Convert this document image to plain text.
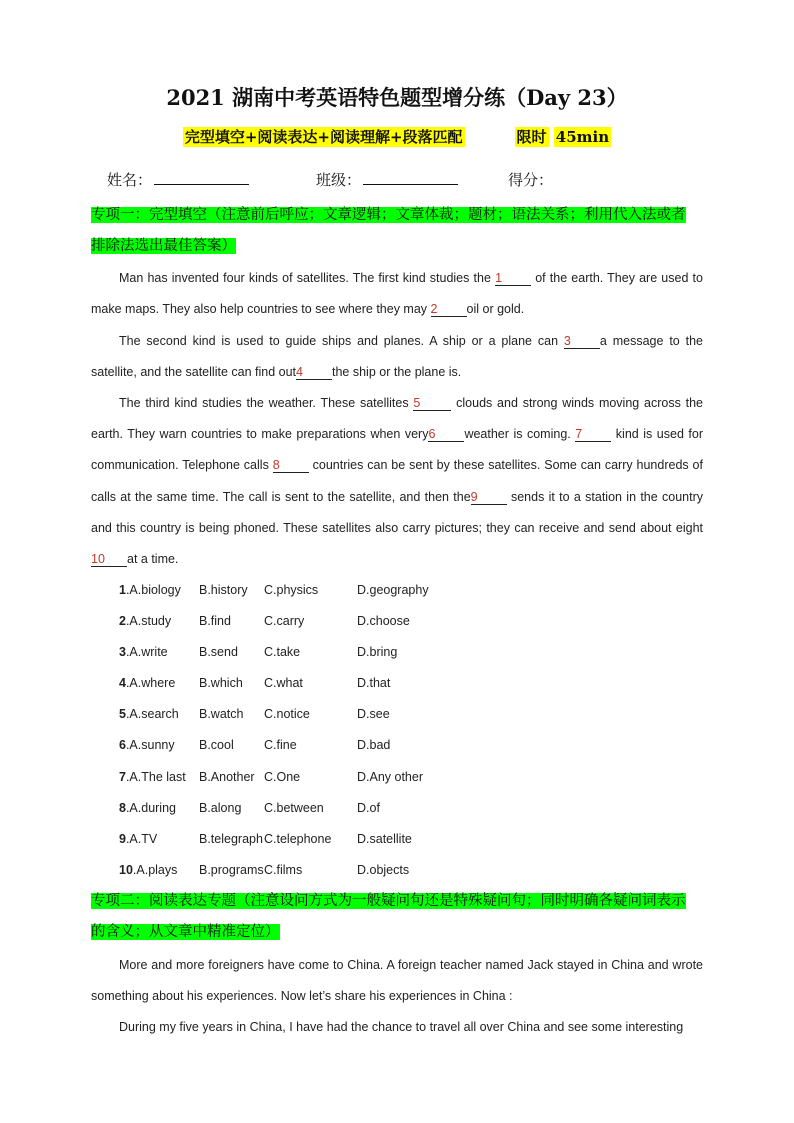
2021 湖南中考英语特色题型增分练（Day 23）
完型填空+阅读表达+阅读理解+段落匹配	限时 45min
姓名：	班级：	得分：
专项一：完型填空（注意前后呼应；文章逻辑；文章体裁；题材；语法关系；利用代入法或者
排除法选出最佳答案）
Man has invented four kinds of satellites. The first kind studies the 1 of the earth. They are used to make maps. They also help countries to see where they may 2 oil or gold.
The second kind is used to guide ships and planes. A ship or a plane can 3 a message to the satellite, and the satellite can find out4 the ship or the plane is.
The third kind studies the weather. These satellites 5 clouds and strong winds moving across the earth. They warn countries to make preparations when very6 weather is coming. 7 kind is used for communication. Telephone calls 8 countries can be sent by these satellites. Some can carry hundreds of calls at the same time. The call is sent to the satellite, and then the9 sends it to a station in the country and this country is being phoned. These satellites also carry pictures; they can receive and send about eight 10 at a time.
1.A.biology B.history C.physics	D.geography
2.A.study B.find	C.carry	D.choose
3.A.write	B.send C.take	D.bring
4.A.where B.which C.what	D.that
5.A.search B.watch C.notice	D.see
6.A.sunny B.cool C.fine	D.bad
7.A.The last B.Another C.One	D.Any other
8.A.during B.along C.between	D.of
9.A.TV	B.telegraph C.telephone D.satellite
10.A.plays B.programs C.films	D.objects
专项二：阅读表达专题（注意设问方式为一般疑问句还是特殊疑问句；同时明确各疑问词表示
的含义；从文章中精准定位）
More and more foreigners have come to China. A foreign teacher named Jack stayed in China and wrote something about his experiences. Now let’s share his experiences in China :
During my five years in China, I have had the chance to travel all over China and see some interesting
